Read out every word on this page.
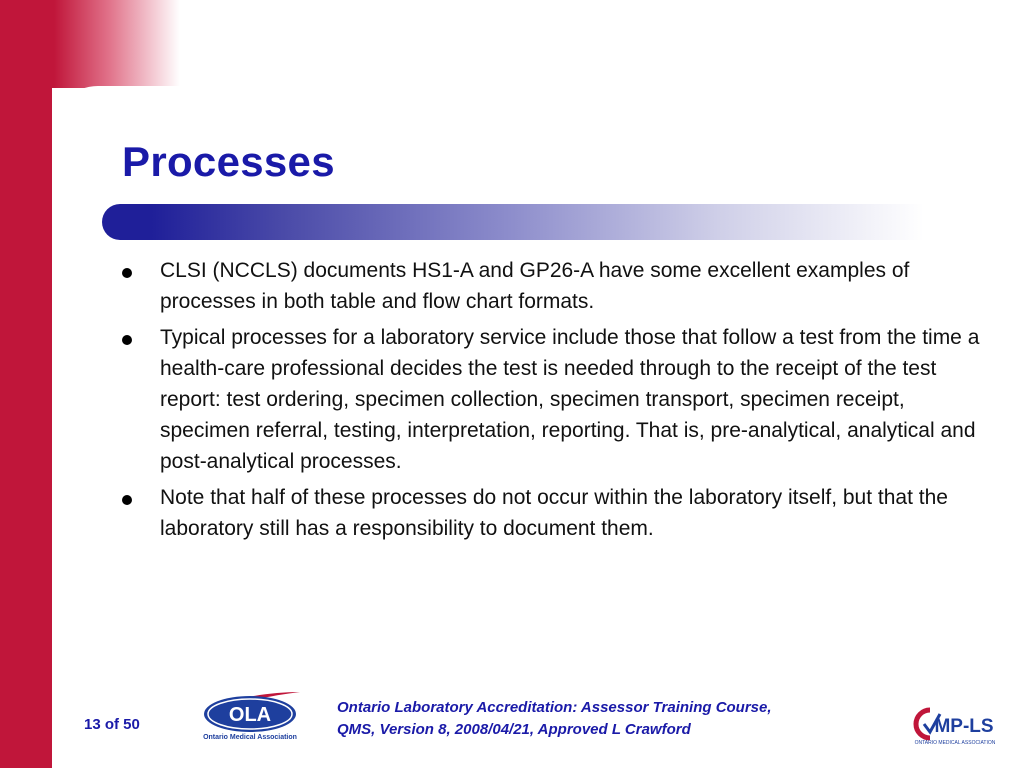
Processes
CLSI (NCCLS) documents HS1-A and GP26-A have some excellent examples of processes in both table and flow chart formats.
Typical processes for a laboratory service include those that follow a test from the time a health-care professional decides the test is needed through to the receipt of the test report: test ordering, specimen collection, specimen transport, specimen receipt, specimen referral, testing, interpretation, reporting. That is, pre-analytical, analytical and post-analytical processes.
Note that half of these processes do not occur within the laboratory itself, but that the laboratory still has a responsibility to document them.
13 of 50	OLA
Ontario Medical Association
Ontario Laboratory Accreditation: Assessor Training Course,
QMS, Version 8, 2008/04/21, Approved L Crawford	MP-LS
ONTARIO MEDICAL ASSOCIATION
